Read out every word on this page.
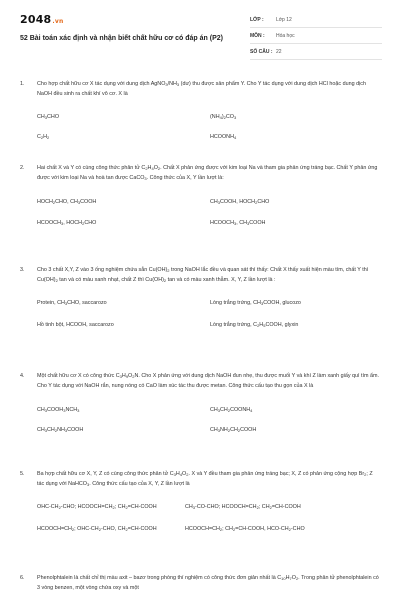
2048.vn
52 Bài toán xác định và nhận biết chất hữu cơ có đáp án (P2)
LỚP :	Lớp 12
MÔN :	Hóa học
SỐ CÂU : 22
1. Cho hợp chất hữu cơ X tác dụng với dung dịch $AgNO_3/NH_3$ (dư) thu được sản phẩm Y. Cho Y tác dụng với dung dịch HCl hoặc dung dịch NaOH đều sinh ra chất khí vô cơ. X là
$CH_3CHO$	$(NH_4)_2CO_3$
$C_2H_2$	$HCOONH_4$
2. Hai chất X và Y có cùng công thức phân tử $C_2H_4O_2$. Chất X phản ứng được với kim loại Na và tham gia phản ứng tráng bạc. Chất Y phản ứng được với kim loại Na và hoà tan được CaCO$_3$. Công thức của X, Y lần lượt là:
$HOCH_2CHO$, $CH_3COOH$	$CH_3COOH$, $HOCH_2CHO$
$HCOOCH_3$, $HOCH_2CHO$	$HCOOCH_3$, $CH_3COOH$
3. Cho 3 chất X,Y, Z vào 3 ống nghiệm chứa sẵn $Cu(OH)_2$ trong NaOH lắc đều và quan sát thì thấy: Chất X thấy xuất hiện màu tím, chất Y thì $Cu(OH)_2$ tan và có màu xanh nhạt, chất Z thì $Cu(OH)_2$ tan và có màu xanh thẫm. X, Y, Z lần lượt là :
Protein, $CH_3CHO$, saccarozo	Lòng trắng trứng, $CH_3COOH$, glucozo
Hồ tinh bột, HCOOH, saccarozo	Lòng trắng trứng, $C_2H_5COOH$, glyxin
4. Một chất hữu cơ X có công thức $C_3H_9O_2N$. Cho X phản ứng với dung dịch NaOH đun nhẹ, thu được muối Y và khí Z làm xanh giấy quì tím ẩm. Cho Y tác dụng với NaOH rắn, nung nóng có CaO làm xúc tác thu được metan. Công thức cấu tạo thu gọn của X là
$CH_3COOH_3NCH_3$	$CH_3CH_2COONH_4$
$CH_3CH_2NH_3COOH$	$CH_3NH_2CH_2COOH$
5. Ba hợp chất hữu cơ X, Y, Z có cùng công thức phân tử $C_3H_4O_2$. X và Y đều tham gia phản ứng tráng bạc; X, Z có phản ứng cộng hợp $Br_2$; Z tác dụng với NaHCO$_3$. Công thức cấu tạo của X, Y, Z lần lượt là
OHC-$CH_2$-CHO; $HCOOCH=CH_2$; $CH_2=CH$-COOH	$CH_3-CO$-CHO; $HCOOCH=CH_2$; $CH_2=CH$-COOH
$HCOOCH=CH_2$; OHC-$CH_2$-CHO, $CH_2=CH$-COOH	$HCOOCH=CH_2$; $CH_2=CH$-COOH, HCO-$CH_2$-CHO
6. Phenolphtalein là chất chỉ thị màu axit – bazơ trong phòng thí nghiệm có công thức đơn giản nhất là $C_{10}H_7O_2$. Trong phân tử phenolphtalein có 3 vòng benzen, một vòng chứa oxy và một
